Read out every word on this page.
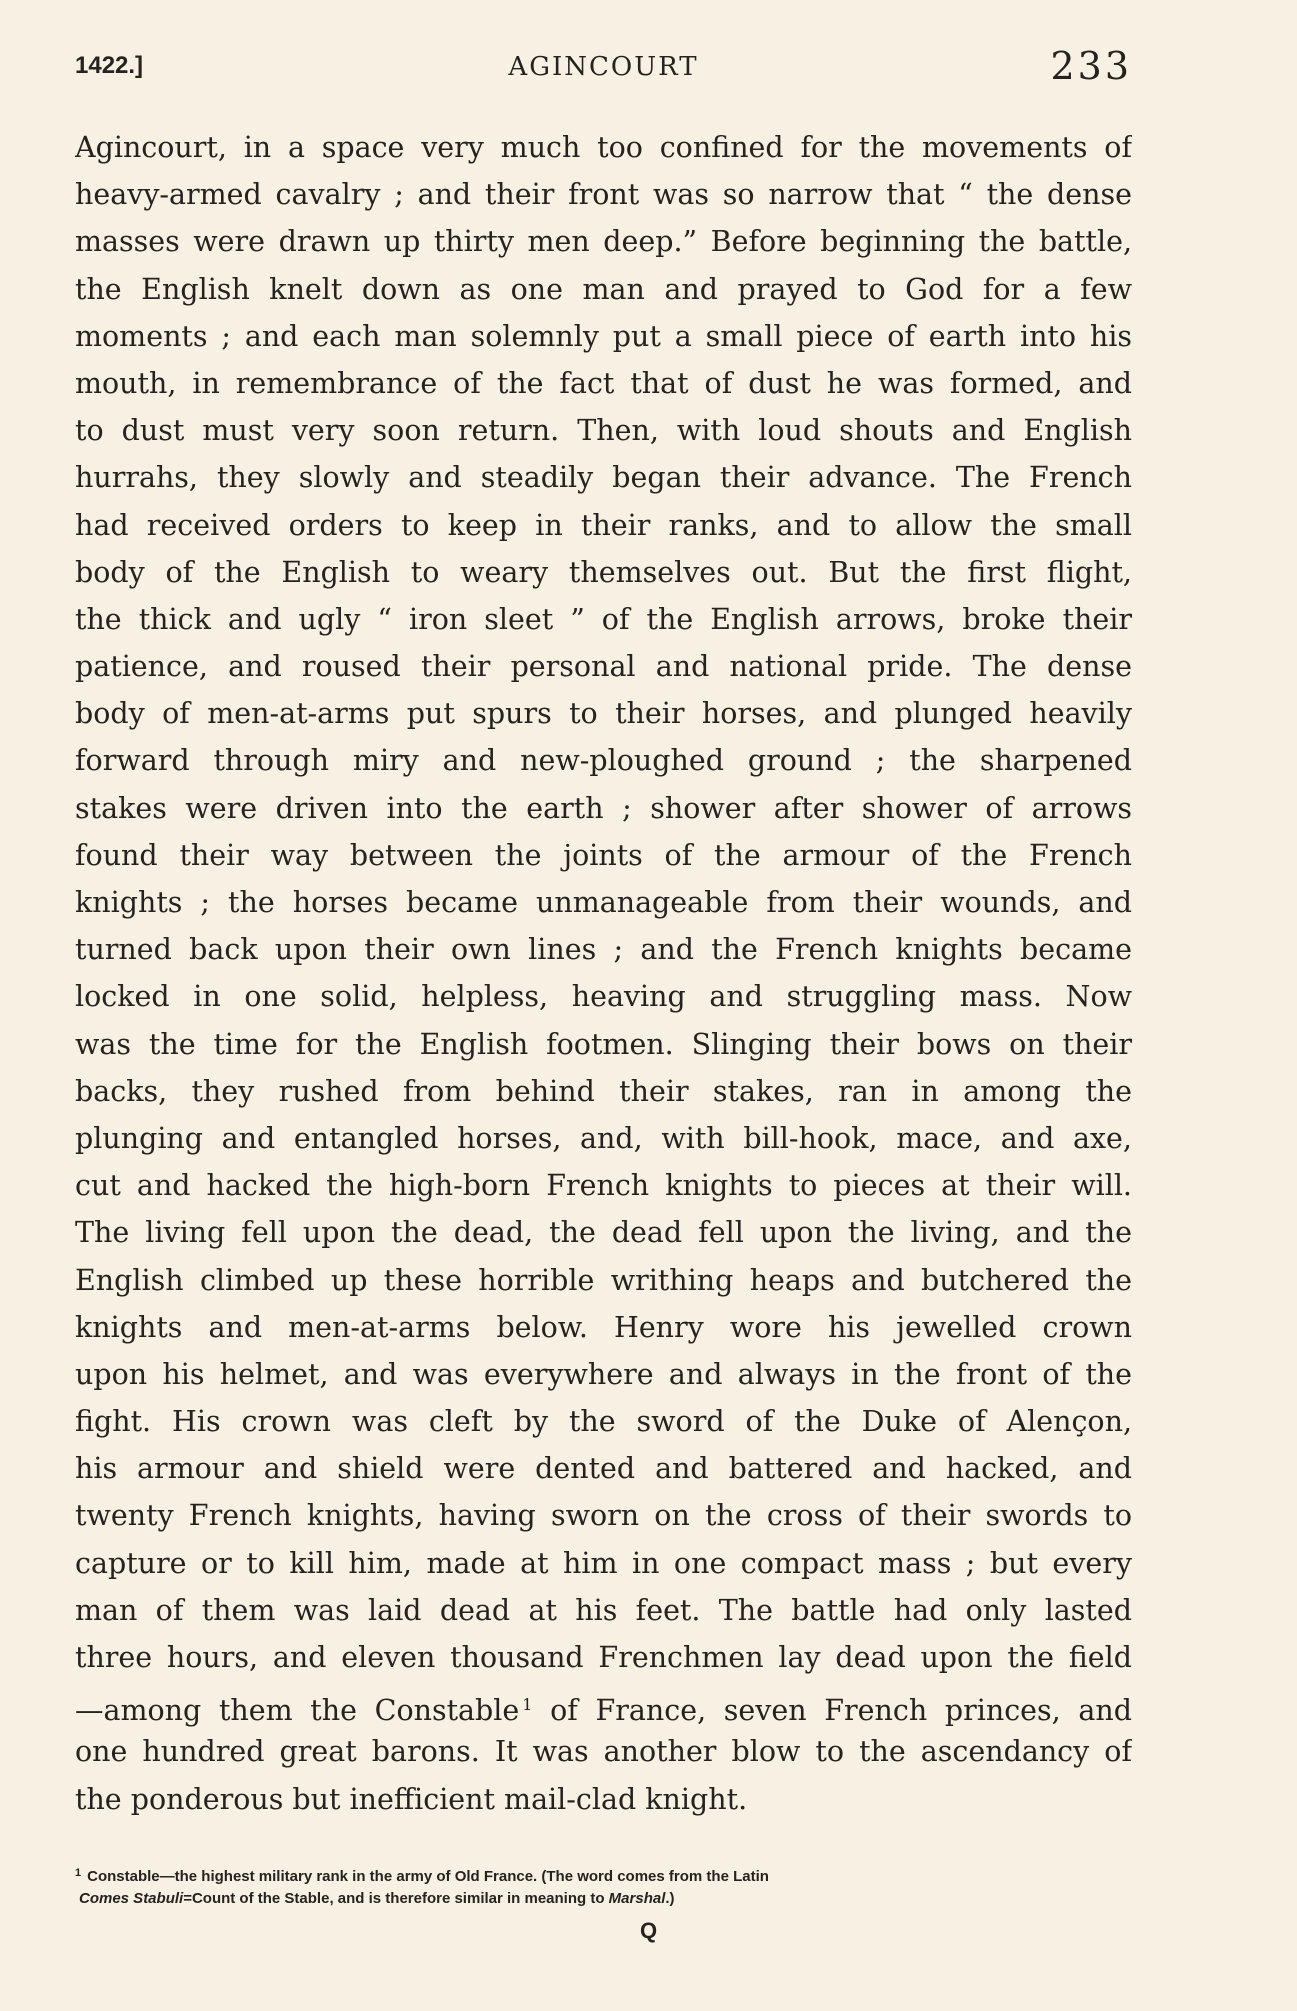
1422.]	AGINCOURT	233
Agincourt, in a space very much too confined for the movements of
heavy-armed cavalry ; and their front was so narrow that “ the dense
masses were drawn up thirty men deep.” Before beginning the battle,
the English knelt down as one man and prayed to God for a few
moments ; and each man solemnly put a small piece of earth into his
mouth, in remembrance of the fact that of dust he was formed, and
to dust must very soon return. Then, with loud shouts and English
hurrahs, they slowly and steadily began their advance. The French
had received orders to keep in their ranks, and to allow the small
body of the English to weary themselves out. But the first flight,
the thick and ugly “ iron sleet ” of the English arrows, broke their
patience, and roused their personal and national pride. The dense
body of men-at-arms put spurs to their horses, and plunged heavily
forward through miry and new-ploughed ground ; the sharpened
stakes were driven into the earth ; shower after shower of arrows
found their way between the joints of the armour of the French
knights ; the horses became unmanageable from their wounds, and
turned back upon their own lines ; and the French knights became
locked in one solid, helpless, heaving and struggling mass. Now
was the time for the English footmen. Slinging their bows on their
backs, they rushed from behind their stakes, ran in among the
plunging and entangled horses, and, with bill-hook, mace, and axe,
cut and hacked the high-born French knights to pieces at their will.
The living fell upon the dead, the dead fell upon the living, and the
English climbed up these horrible writhing heaps and butchered the
knights and men-at-arms below. Henry wore his jewelled crown
upon his helmet, and was everywhere and always in the front of the
fight. His crown was cleft by the sword of the Duke of Alençon,
his armour and shield were dented and battered and hacked, and
twenty French knights, having sworn on the cross of their swords to
capture or to kill him, made at him in one compact mass ; but every
man of them was laid dead at his feet. The battle had only lasted
three hours, and eleven thousand Frenchmen lay dead upon the field
—among them the Constable $^1$ of France, seven French princes, and
one hundred great barons. It was another blow to the ascendancy of
the ponderous but inefficient mail-clad knight.
$^1$ Constable—the highest military rank in the army of Old France. (The word comes from the Latin
Comes Stabuli=Count of the Stable, and is therefore similar in meaning to Marshal.)
Q
